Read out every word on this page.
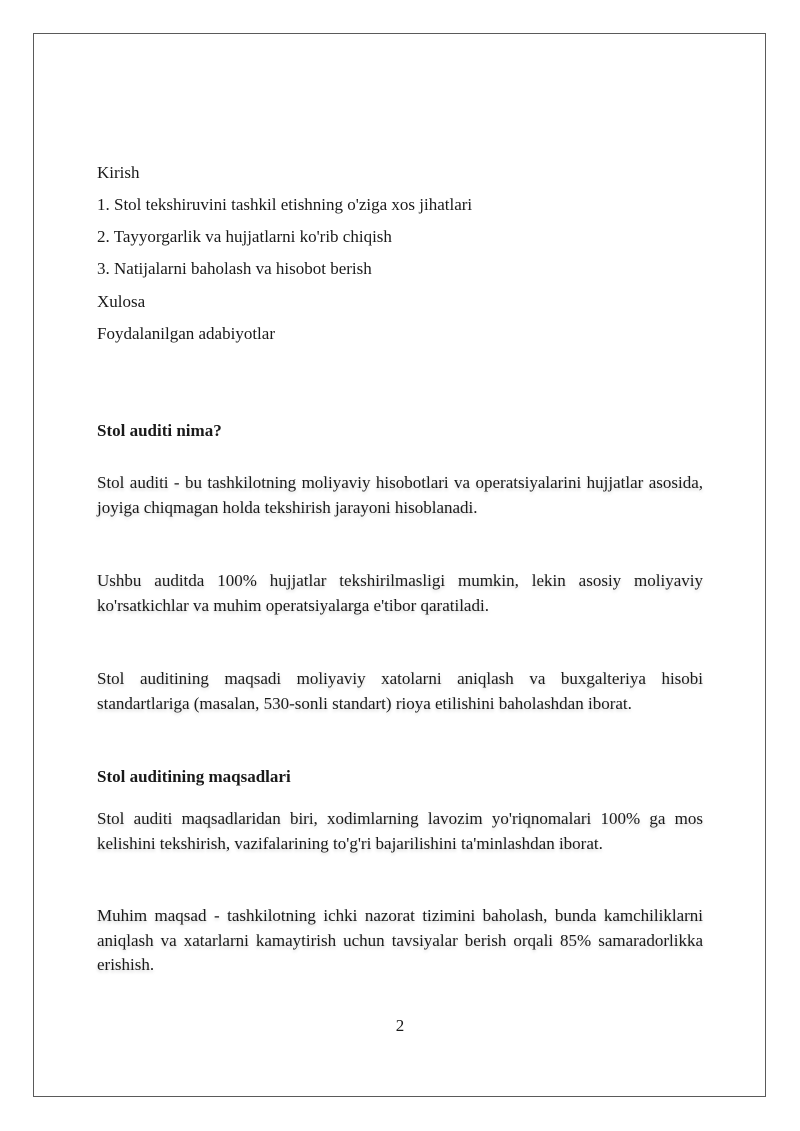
Kirish
1. Stol tekshiruvini tashkil etishning o'ziga xos jihatlari
2. Tayyorgarlik va hujjatlarni ko'rib chiqish
3. Natijalarni baholash va hisobot berish
Xulosa
Foydalanilgan adabiyotlar
Stol auditi nima?
Stol auditi - bu tashkilotning moliyaviy hisobotlari va operatsiyalarini hujjatlar asosida, joyiga chiqmagan holda tekshirish jarayoni hisoblanadi.
Ushbu auditda 100% hujjatlar tekshirilmasligi mumkin, lekin asosiy moliyaviy ko'rsatkichlar va muhim operatsiyalarga e'tibor qaratiladi.
Stol auditining maqsadi moliyaviy xatolarni aniqlash va buxgalteriya hisobi standartlariga (masalan, 530-sonli standart) rioya etilishini baholashdan iborat.
Stol auditining maqsadlari
Stol auditi maqsadlaridan biri, xodimlarning lavozim yo'riqnomalari 100% ga mos kelishini tekshirish, vazifalarining to'g'ri bajarilishini ta'minlashdan iborat.
Muhim maqsad - tashkilotning ichki nazorat tizimini baholash, bunda kamchiliklarni aniqlash va xatarlarni kamaytirish uchun tavsiyalar berish orqali 85% samaradorlikka erishish.
2
